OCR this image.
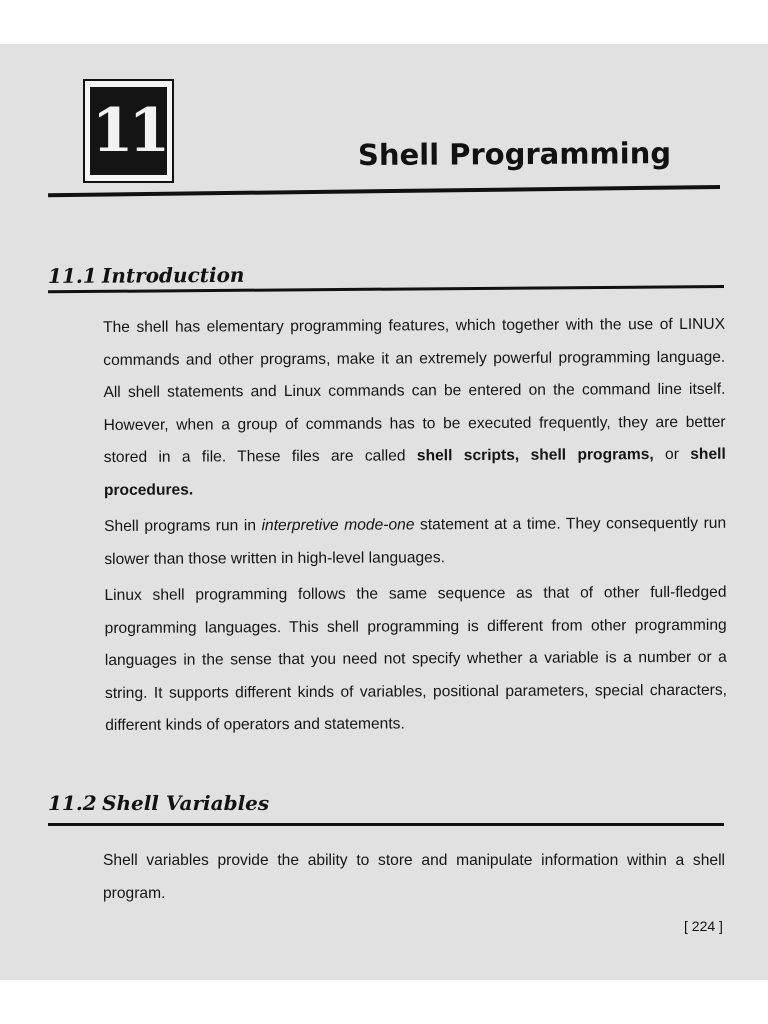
11	Shell Programming
11.1 Introduction

The shell has elementary programming features, which together with the use of LINUX commands and other programs, make it an extremely powerful programming language. All shell statements and Linux commands can be entered on the command line itself. However, when a group of commands has to be executed frequently, they are better stored in a file. These files are called shell scripts, shell programs, or shell procedures.

Shell programs run in interpretive mode-one statement at a time. They consequently run slower than those written in high-level languages.

Linux shell programming follows the same sequence as that of other full-fledged programming languages. This shell programming is different from other programming languages in the sense that you need not specify whether a variable is a number or a string. It supports different kinds of variables, positional parameters, special characters, different kinds of operators and statements.

11.2 Shell Variables

Shell variables provide the ability to store and manipulate information within a shell program.

[ 224 ]
